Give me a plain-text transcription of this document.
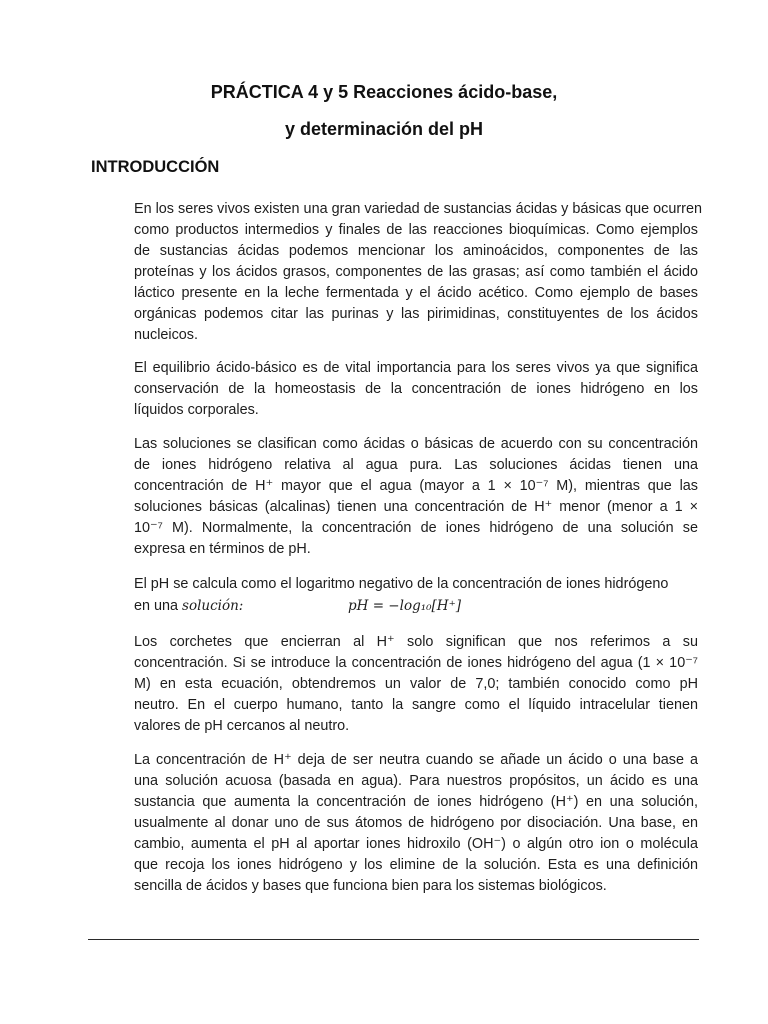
PRÁCTICA 4 y 5 Reacciones ácido-base,
y determinación del pH
INTRODUCCIÓN
En los seres vivos existen una gran variedad de sustancias ácidas y básicas que ocurren
como productos intermedios y finales de las reacciones bioquímicas. Como ejemplos
de sustancias ácidas podemos mencionar los aminoácidos, componentes de las
proteínas y los ácidos grasos, componentes de las grasas; así como también el ácido
láctico presente en la leche fermentada y el ácido acético. Como ejemplo de bases
orgánicas podemos citar las purinas y las pirimidinas, constituyentes de los ácidos
nucleicos.
El equilibrio ácido-básico es de vital importancia para los seres vivos ya que significa
conservación de la homeostasis de la concentración de iones hidrógeno en los
líquidos corporales.
Las soluciones se clasifican como ácidas o básicas de acuerdo con su concentración
de iones hidrógeno relativa al agua pura. Las soluciones ácidas tienen una
concentración de H⁺ mayor que el agua (mayor a 1 × 10⁻⁷ M), mientras que las
soluciones básicas (alcalinas) tienen una concentración de H⁺ menor (menor a 1 ×
10⁻⁷ M). Normalmente, la concentración de iones hidrógeno de una solución se
expresa en términos de pH.
El pH se calcula como el logaritmo negativo de la concentración de iones hidrógeno
en una solución:	pH = −log₁₀[H⁺]
Los corchetes que encierran al H⁺ solo significan que nos referimos a su
concentración. Si se introduce la concentración de iones hidrógeno del agua (1 × 10⁻⁷
M) en esta ecuación, obtendremos un valor de 7,0; también conocido como pH
neutro. En el cuerpo humano, tanto la sangre como el líquido intracelular tienen
valores de pH cercanos al neutro.
La concentración de H⁺ deja de ser neutra cuando se añade un ácido o una base a
una solución acuosa (basada en agua). Para nuestros propósitos, un ácido es una
sustancia que aumenta la concentración de iones hidrógeno (H⁺) en una solución,
usualmente al donar uno de sus átomos de hidrógeno por disociación. Una base, en
cambio, aumenta el pH al aportar iones hidroxilo (OH⁻) o algún otro ion o molécula
que recoja los iones hidrógeno y los elimine de la solución. Esta es una definición
sencilla de ácidos y bases que funciona bien para los sistemas biológicos.
